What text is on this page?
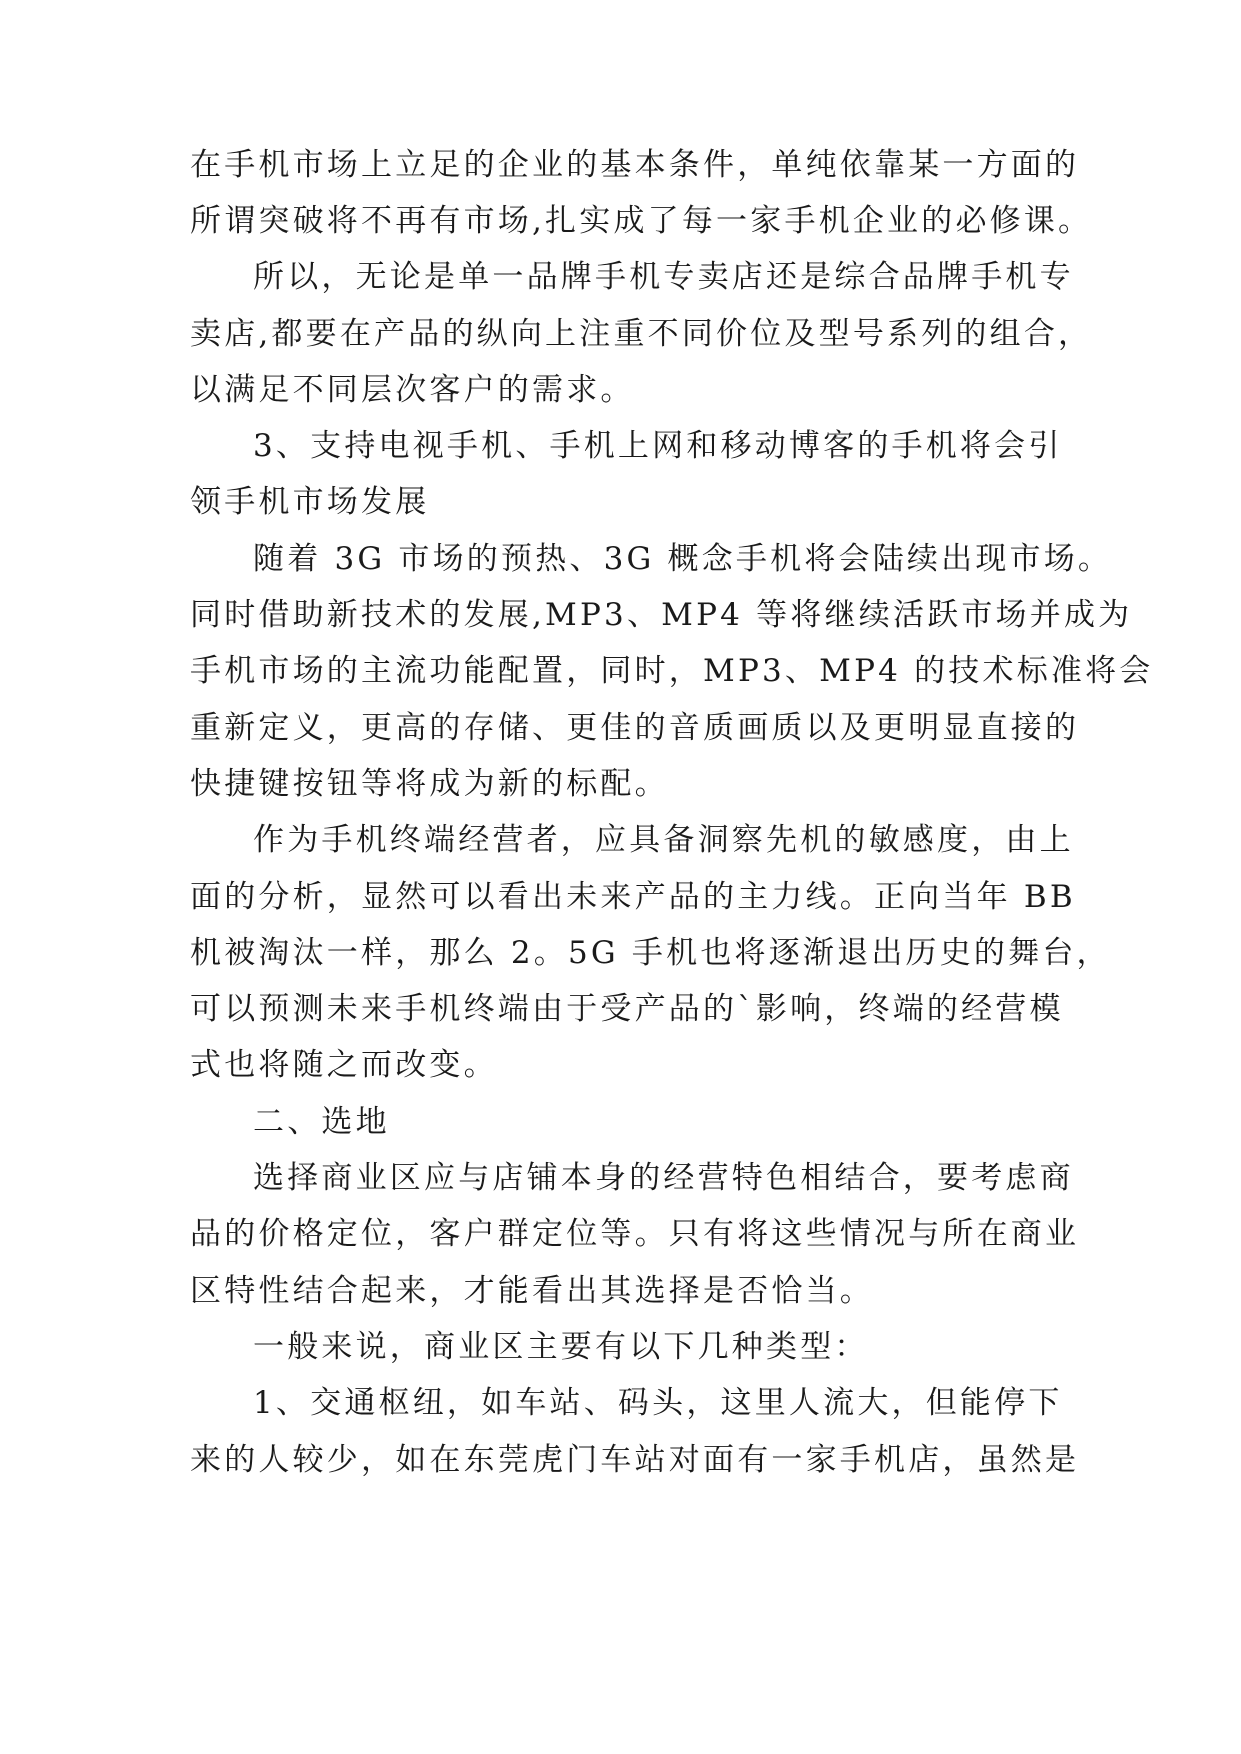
在手机市场上立足的企业的基本条件，单纯依靠某一方面的
所谓突破将不再有市场,扎实成了每一家手机企业的必修课。
所以，无论是单一品牌手机专卖店还是综合品牌手机专
卖店,都要在产品的纵向上注重不同价位及型号系列的组合，
以满足不同层次客户的需求。
3、支持电视手机、手机上网和移动博客的手机将会引
领手机市场发展
随着 3G 市场的预热、3G 概念手机将会陆续出现市场。
同时借助新技术的发展,MP3、MP4 等将继续活跃市场并成为
手机市场的主流功能配置，同时，MP3、MP4 的技术标准将会
重新定义，更高的存储、更佳的音质画质以及更明显直接的
快捷键按钮等将成为新的标配。
作为手机终端经营者，应具备洞察先机的敏感度，由上
面的分析，显然可以看出未来产品的主力线。正向当年 BB
机被淘汰一样，那么 2。5G 手机也将逐渐退出历史的舞台，
可以预测未来手机终端由于受产品的`影响，终端的经营模
式也将随之而改变。
二、选地
选择商业区应与店铺本身的经营特色相结合，要考虑商
品的价格定位，客户群定位等。只有将这些情况与所在商业
区特性结合起来，才能看出其选择是否恰当。
一般来说，商业区主要有以下几种类型：
1、交通枢纽，如车站、码头，这里人流大，但能停下
来的人较少，如在东莞虎门车站对面有一家手机店，虽然是
